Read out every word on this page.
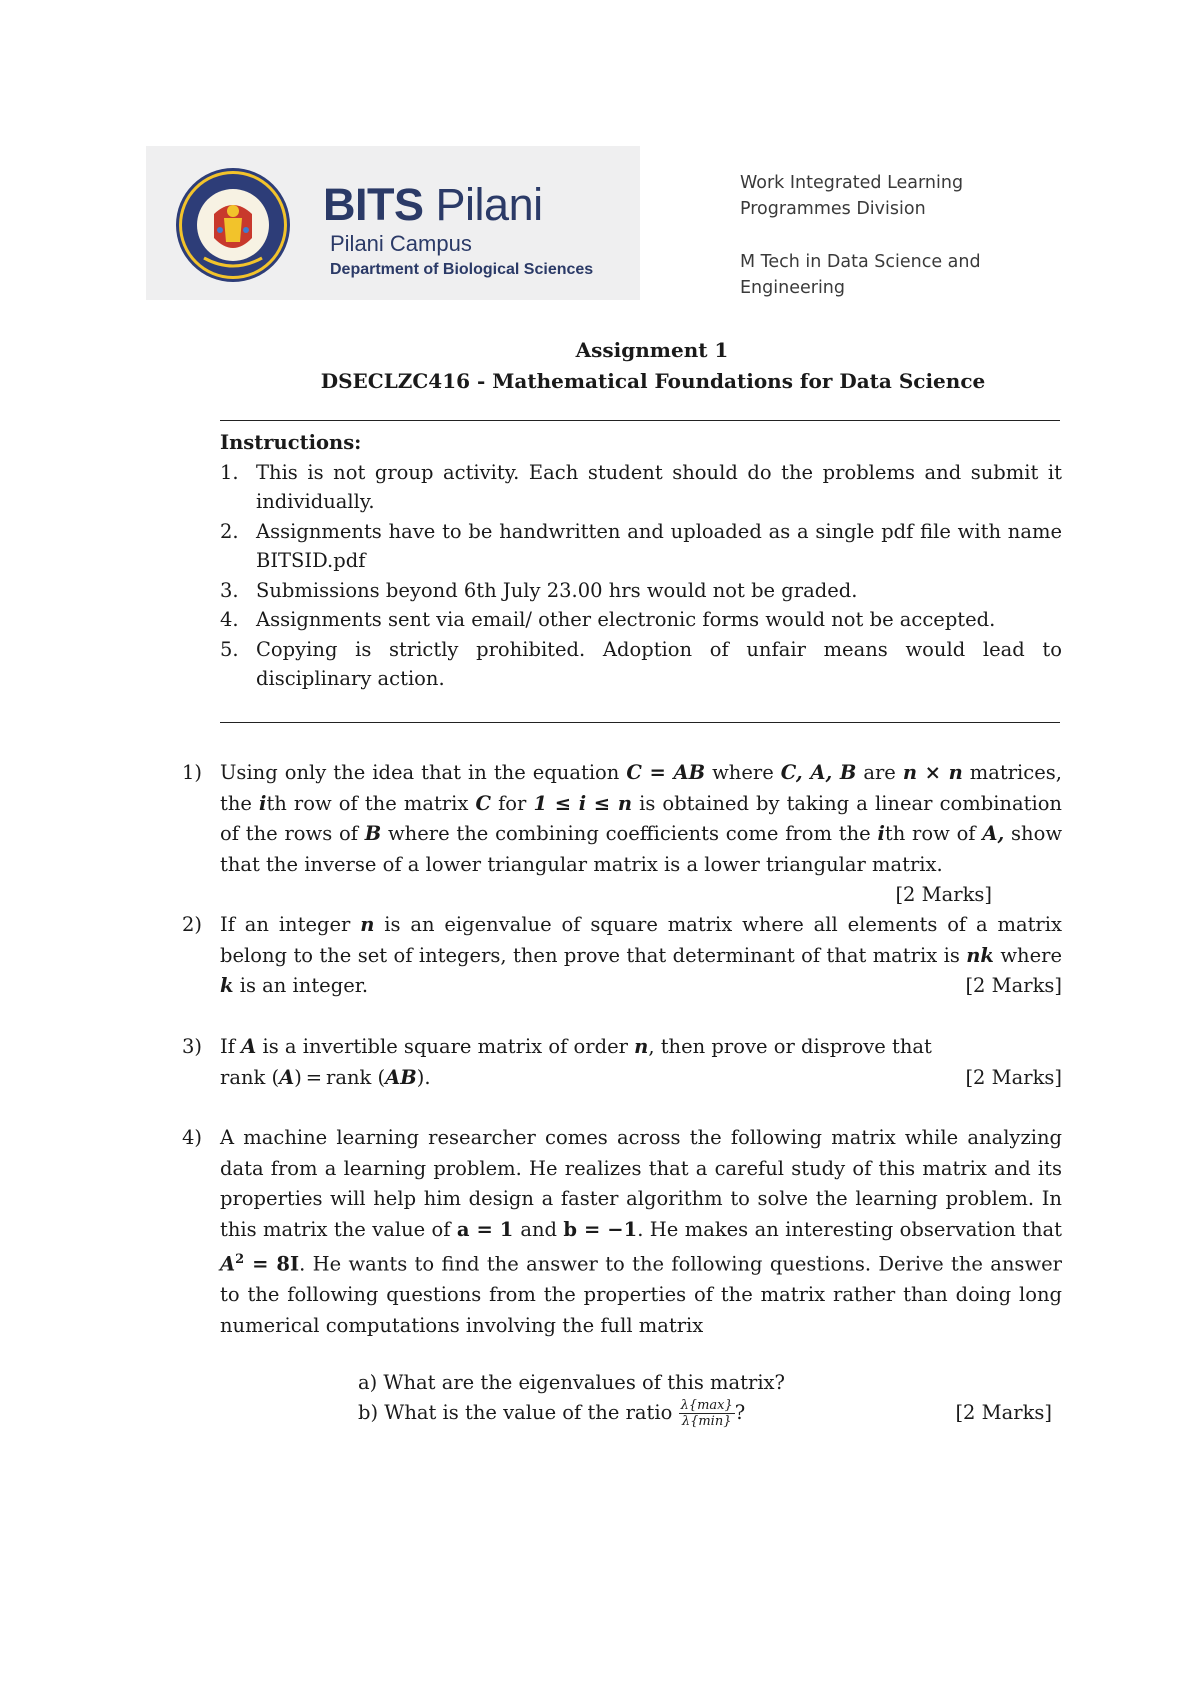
BITS Pilani
Pilani Campus
Department of Biological Sciences

Work Integrated Learning

Programmes Division

M Tech in Data Science and

Engineering

Assignment 1
DSECLZC416 - Mathematical Foundations for Data Science

Instructions:

1. This is not group activity. Each student should do the problems and submit it individually.
2. Assignments have to be handwritten and uploaded as a single pdf file with name BITSID.pdf
3. Submissions beyond 6th July 23.00 hrs would not be graded.
4. Assignments sent via email/ other electronic forms would not be accepted.
5. Copying is strictly prohibited. Adoption of unfair means would lead to disciplinary action.
1) Using only the idea that in the equation C = AB where C, A, B are n × n matrices, the ith row of the matrix C for 1 ≤ i ≤ n is obtained by taking a linear combination of the rows of B where the combining coefficients come from the ith row of A, show that the inverse of a lower triangular matrix is a lower triangular matrix.
[2 Marks]
2) If an integer n is an eigenvalue of square matrix where all elements of a matrix belong to the set of integers, then prove that determinant of that matrix is nk where k is an integer.	[2 Marks]
3) If A is a invertible square matrix of order n, then prove or disprove that
rank (A) = rank (AB).	[2 Marks]
4) A machine learning researcher comes across the following matrix while analyzing data from a learning problem. He realizes that a careful study of this matrix and its properties will help him design a faster algorithm to solve the learning problem. In this matrix the value of a = 1 and b = −1. He makes an interesting observation that $A^2 = 8I$. He wants to find the answer to the following questions. Derive the answer to the following questions from the properties of the matrix rather than doing long numerical computations involving the full matrix

a) What are the eigenvalues of this matrix?

b) What is the value of the ratio $\frac{\lambda\{\max\}}{\lambda\{\min\}}$ ?	[2 Marks]
